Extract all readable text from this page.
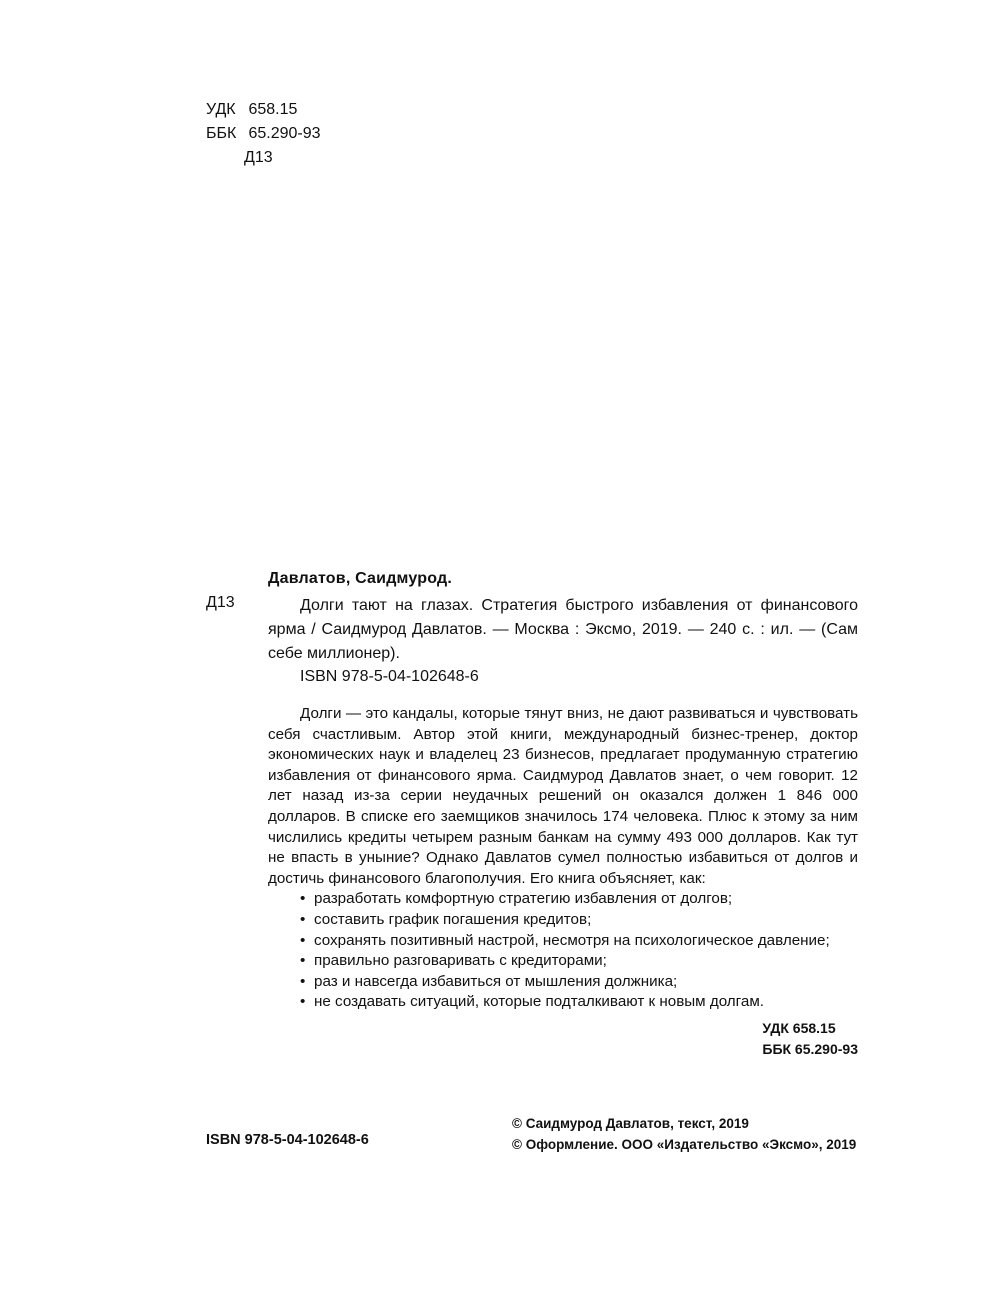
УДК 658.15
ББК 65.290-93
Д13
Давлатов, Саидмурод.
Д13	Долги тают на глазах. Стратегия быстрого избавления от финансового ярма / Саидмурод Давлатов. — Москва : Эксмо, 2019. — 240 с. : ил. — (Сам себе миллионер).
ISBN 978-5-04-102648-6

Долги — это кандалы, которые тянут вниз, не дают развиваться и чувствовать себя счастливым. Автор этой книги, международный бизнес-тренер, доктор экономических наук и владелец 23 бизнесов, предлагает продуманную стратегию избавления от финансового ярма. Саидмурод Давлатов знает, о чем говорит. 12 лет назад из-за серии неудачных решений он оказался должен 1 846 000 долларов. В списке его заемщиков значилось 174 человека. Плюс к этому за ним числились кредиты четырем разным банкам на сумму 493 000 долларов. Как тут не впасть в уныние? Однако Давлатов сумел полностью избавиться от долгов и достичь финансового благополучия. Его книга объясняет, как:

• разработать комфортную стратегию избавления от долгов;
• составить график погашения кредитов;
• сохранять позитивный настрой, несмотря на психологическое давление;
• правильно разговаривать с кредиторами;
• раз и навсегда избавиться от мышления должника;
• не создавать ситуаций, которые подталкивают к новым долгам.
УДК 658.15
ББК 65.290-93
ISBN 978-5-04-102648-6
© Саидмурод Давлатов, текст, 2019
© Оформление. ООО «Издательство «Эксмо», 2019
